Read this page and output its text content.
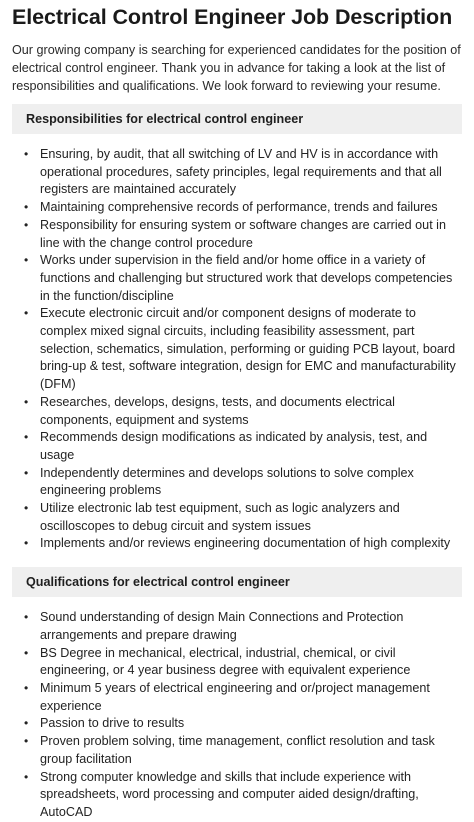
Electrical Control Engineer Job Description

Our growing company is searching for experienced candidates for the position of electrical control engineer. Thank you in advance for taking a look at the list of responsibilities and qualifications. We look forward to reviewing your resume.

Responsibilities for electrical control engineer
• Ensuring, by audit, that all switching of LV and HV is in accordance with operational procedures, safety principles, legal requirements and that all registers are maintained accurately
• Maintaining comprehensive records of performance, trends and failures
• Responsibility for ensuring system or software changes are carried out in line with the change control procedure
• Works under supervision in the field and/or home office in a variety of functions and challenging but structured work that develops competencies in the function/discipline
• Execute electronic circuit and/or component designs of moderate to complex mixed signal circuits, including feasibility assessment, part selection, schematics, simulation, performing or guiding PCB layout, board bring-up & test, software integration, design for EMC and manufacturability (DFM)
• Researches, develops, designs, tests, and documents electrical components, equipment and systems
• Recommends design modifications as indicated by analysis, test, and usage
• Independently determines and develops solutions to solve complex engineering problems
• Utilize electronic lab test equipment, such as logic analyzers and oscilloscopes to debug circuit and system issues
• Implements and/or reviews engineering documentation of high complexity
Qualifications for electrical control engineer
• Sound understanding of design Main Connections and Protection arrangements and prepare drawing
• BS Degree in mechanical, electrical, industrial, chemical, or civil engineering, or 4 year business degree with equivalent experience
• Minimum 5 years of electrical engineering and or/project management experience
• Passion to drive to results
• Proven problem solving, time management, conflict resolution and task group facilitation
• Strong computer knowledge and skills that include experience with spreadsheets, word processing and computer aided design/drafting, AutoCAD
